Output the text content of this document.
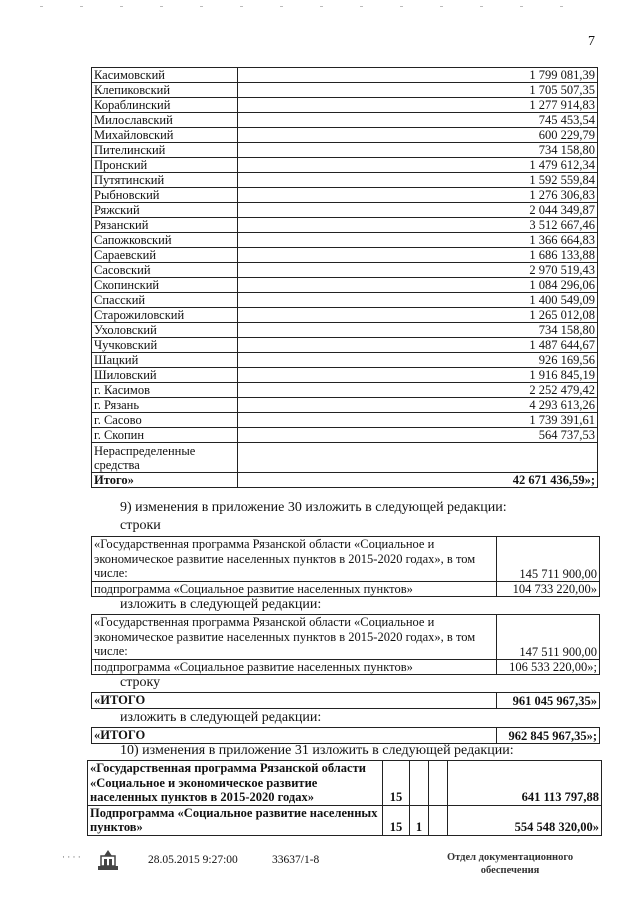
7
Касимовский	1 799 081,39
Клепиковский	1 705 507,35
Кораблинский	1 277 914,83
Милославский	745 453,54
Михайловский	600 229,79
Пителинский	734 158,80
Пронский	1 479 612,34
Путятинский	1 592 559,84
Рыбновский	1 276 306,83
Ряжский	2 044 349,87
Рязанский	3 512 667,46
Сапожковский	1 366 664,83
Сараевский	1 686 133,88
Сасовский	2 970 519,43
Скопинский	1 084 296,06
Спасский	1 400 549,09
Старожиловский	1 265 012,08
Ухоловский	734 158,80
Чучковский	1 487 644,67
Шацкий	926 169,56
Шиловский	1 916 845,19
г. Касимов	2 252 479,42
г. Рязань	4 293 613,26
г. Сасово	1 739 391,61
г. Скопин	564 737,53
Нераспределенные средства	
Итого»	42 671 436,59»;
9) изменения в приложение 30 изложить в следующей редакции:
строки
«Государственная программа Рязанской области «Социальное и экономическое развитие населенных пунктов в 2015-2020 годах», в том числе:	145 711 900,00
подпрограмма «Социальное развитие населенных пунктов»	104 733 220,00»
изложить в следующей редакции:
«Государственная программа Рязанской области «Социальное и экономическое развитие населенных пунктов в 2015-2020 годах», в том числе:	147 511 900,00
подпрограмма «Социальное развитие населенных пунктов»	106 533 220,00»;
строку
«ИТОГО	961 045 967,35»
изложить в следующей редакции:
«ИТОГО	962 845 967,35»;
10) изменения в приложение 31 изложить в следующей редакции:
«Государственная программа Рязанской области «Социальное и экономическое развитие населенных пунктов в 2015-2020 годах»	15			641 113 797,88
Подпрограмма «Социальное развитие населенных пунктов»	15	1		554 548 320,00»
· · · ·	28.05.2015 9:27:00	33637/1-8	Отдел документационного
обеспечения
